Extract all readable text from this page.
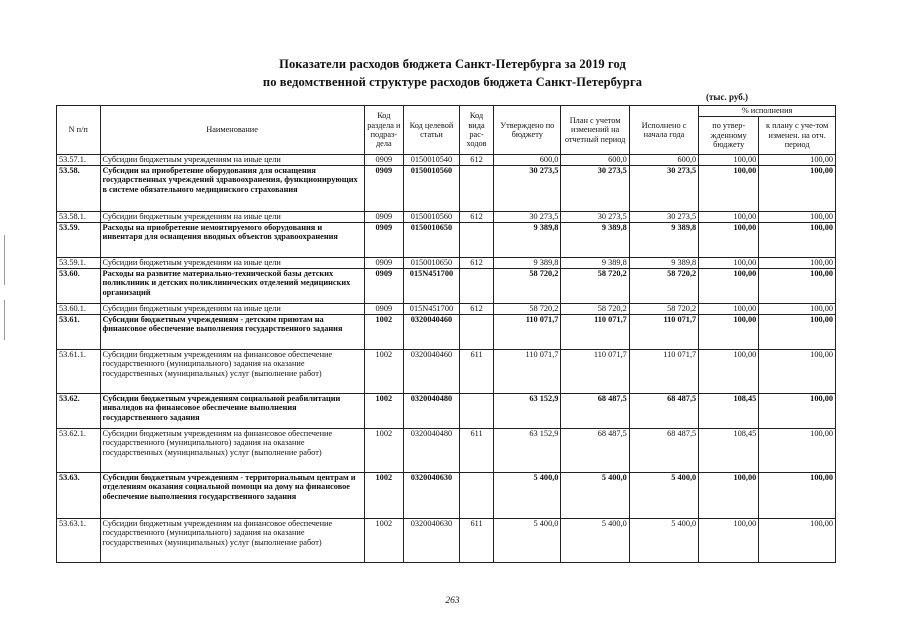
Показатели расходов бюджета Санкт-Петербурга за 2019 год
по ведомственной структуре расходов бюджета Санкт-Петербурга
(тыс. руб.)
N п/п	Наименование	Код раздела и подраз-дела	Код целевой статьи	Код вида рас-ходов	Утверждено по бюджету	План с учетом изменений на отчетный период	Исполнено с начала года	% исполнения	
								по утвер-жденному бюджету	к плану с уче-том изменен. на отч. период
53.57.1.	Субсидии бюджетным учреждениям на иные цели	0909	0150010540	612	600,0	600,0	600,0	100,00	100,00
53.58.	Субсидии на приобретение оборудования для оснащения государственных учреждений здравоохранения, функционирующих в системе обязательного медицинского страхования	0909	0150010560		30 273,5	30 273,5	30 273,5	100,00	100,00
53.58.1.	Субсидии бюджетным учреждениям на иные цели	0909	0150010560	612	30 273,5	30 273,5	30 273,5	100,00	100,00
53.59.	Расходы на приобретение немонтируемого оборудования и инвентаря для оснащения вводных объектов здравоохранения	0909	0150010650		9 389,8	9 389,8	9 389,8	100,00	100,00
53.59.1.	Субсидии бюджетным учреждениям на иные цели	0909	0150010650	612	9 389,8	9 389,8	9 389,8	100,00	100,00
53.60.	Расходы на развитие материально-технической базы детских поликлиник и детских поликлинических отделений медицинских организаций	0909	015N451700		58 720,2	58 720,2	58 720,2	100,00	100,00
53.60.1.	Субсидии бюджетным учреждениям на иные цели	0909	015N451700	612	58 720,2	58 720,2	58 720,2	100,00	100,00
53.61.	Субсидии бюджетным учреждениям - детским приютам на финансовое обеспечение выполнения государственного задания	1002	0320040460		110 071,7	110 071,7	110 071,7	100,00	100,00
53.61.1.	Субсидии бюджетным учреждениям на финансовое обеспечение государственного (муниципального) задания на оказание государственных (муниципальных) услуг (выполнение работ)	1002	0320040460	611	110 071,7	110 071,7	110 071,7	100,00	100,00
53.62.	Субсидии бюджетным учреждениям социальной реабилитации инвалидов на финансовое обеспечение выполнения государственного задания	1002	0320040480		63 152,9	68 487,5	68 487,5	108,45	100,00
53.62.1.	Субсидии бюджетным учреждениям на финансовое обеспечение государственного (муниципального) задания на оказание государственных (муниципальных) услуг (выполнение работ)	1002	0320040480	611	63 152,9	68 487,5	68 487,5	108,45	100,00
53.63.	Субсидии бюджетным учреждениям - территориальным центрам и отделениям оказания социальной помощи на дому на финансовое обеспечение выполнения государственного задания	1002	0320040630		5 400,0	5 400,0	5 400,0	100,00	100,00
53.63.1.	Субсидии бюджетным учреждениям на финансовое обеспечение государственного (муниципального) задания на оказание государственных (муниципальных) услуг (выполнение работ)	1002	0320040630	611	5 400,0	5 400,0	5 400,0	100,00	100,00
263
